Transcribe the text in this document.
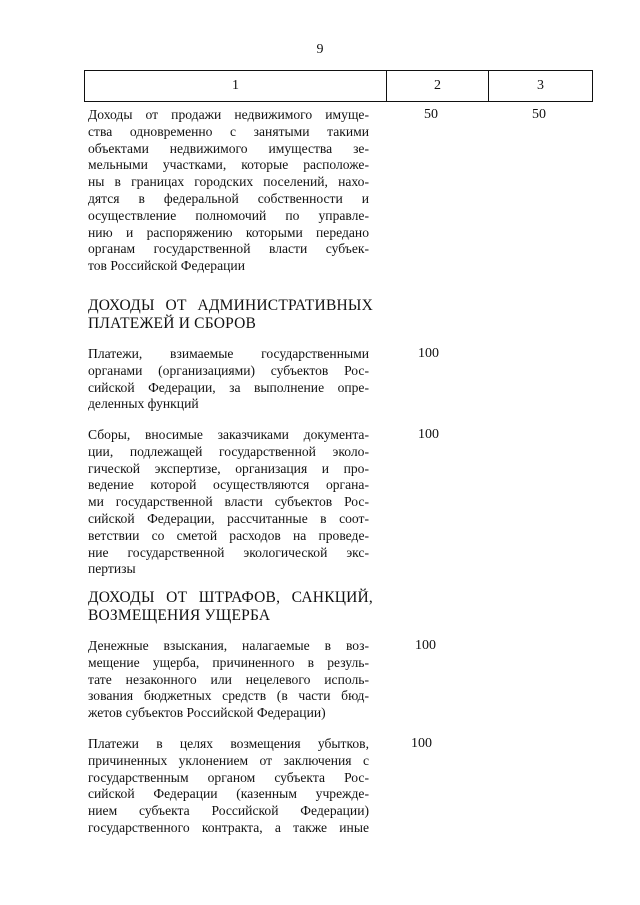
9
1	2	3
Доходы от продажи недвижимого имуще-
ства одновременно с занятыми такими
объектами недвижимого имущества зе-
мельными участками, которые расположе-
ны в границах городских поселений, нахо-
дятся в федеральной собственности и
осуществление полномочий по управле-
нию и распоряжению которыми передано
органам государственной власти субъек-
тов Российской Федерации
50	50
ДОХОДЫ ОТ АДМИНИСТРАТИВНЫХ
ПЛАТЕЖЕЙ И СБОРОВ
Платежи, взимаемые государственными
органами (организациями) субъектов Рос-
сийской Федерации, за выполнение опре-
деленных функций
100
Сборы, вносимые заказчиками документа-
ции, подлежащей государственной эколо-
гической экспертизе, организация и про-
ведение которой осуществляются органа-
ми государственной власти субъектов Рос-
сийской Федерации, рассчитанные в соот-
ветствии со сметой расходов на проведе-
ние государственной экологической экс-
пертизы
100
ДОХОДЫ ОТ ШТРАФОВ, САНКЦИЙ,
ВОЗМЕЩЕНИЯ УЩЕРБА
Денежные взыскания, налагаемые в воз-
мещение ущерба, причиненного в резуль-
тате незаконного или нецелевого исполь-
зования бюджетных средств (в части бюд-
жетов субъектов Российской Федерации)
100
Платежи в целях возмещения убытков,
причиненных уклонением от заключения с
государственным органом субъекта Рос-
сийской Федерации (казенным учрежде-
нием субъекта Российской Федерации)
государственного контракта, а также иные
100
